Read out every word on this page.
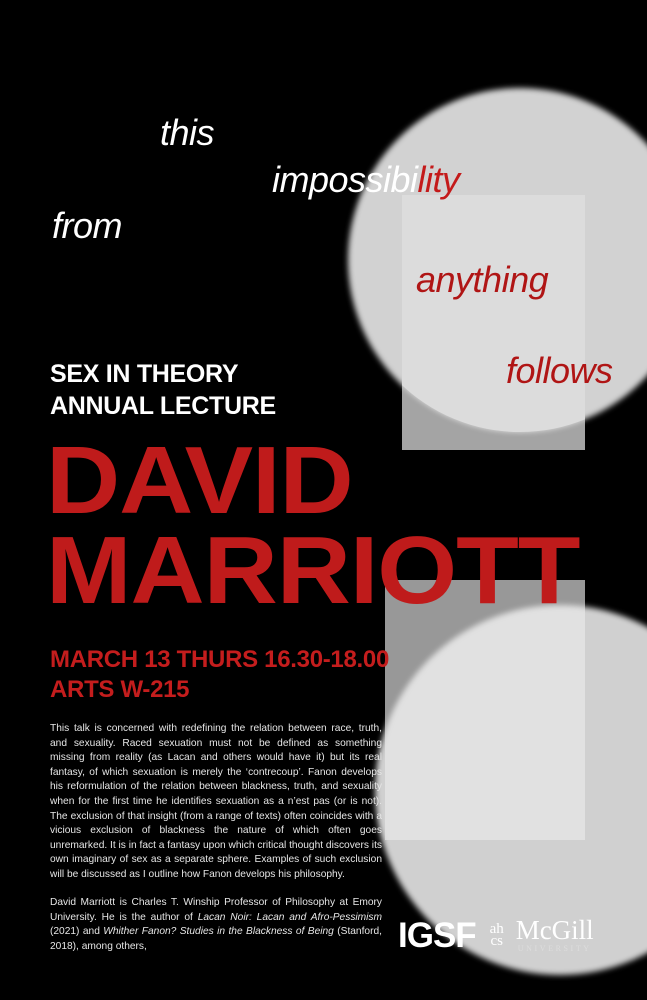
this
impossibility
from
anything
follows
SEX IN THEORY
ANNUAL LECTURE
DAVID
MARRIOTT
MARCH 13 THURS 16.30-18.00
ARTS W-215

This talk is concerned with redefining the relation between race, truth, and sexuality. Raced sexuation must not be defined as something missing from reality (as Lacan and others would have it) but its real fantasy, of which sexuation is merely the ‘contrecoup’. Fanon develops his reformulation of the relation between blackness, truth, and sexuality when for the first time he identifies sexuation as a n’est pas (or is not). The exclusion of that insight (from a range of texts) often coincides with a vicious exclusion of blackness the nature of which often goes unremarked. It is in fact a fantasy upon which critical thought discovers its own imaginary of sex as a separate sphere. Examples of such exclusion will be discussed as I outline how Fanon develops his philosophy.

David Marriott is Charles T. Winship Professor of Philosophy at Emory University. He is the author of Lacan Noir: Lacan and Afro-Pessimism (2021) and Whither Fanon? Studies in the Blackness of Being (Stanford, 2018), among others,	IGSF ah
cs McGill
UNIVERSITY
